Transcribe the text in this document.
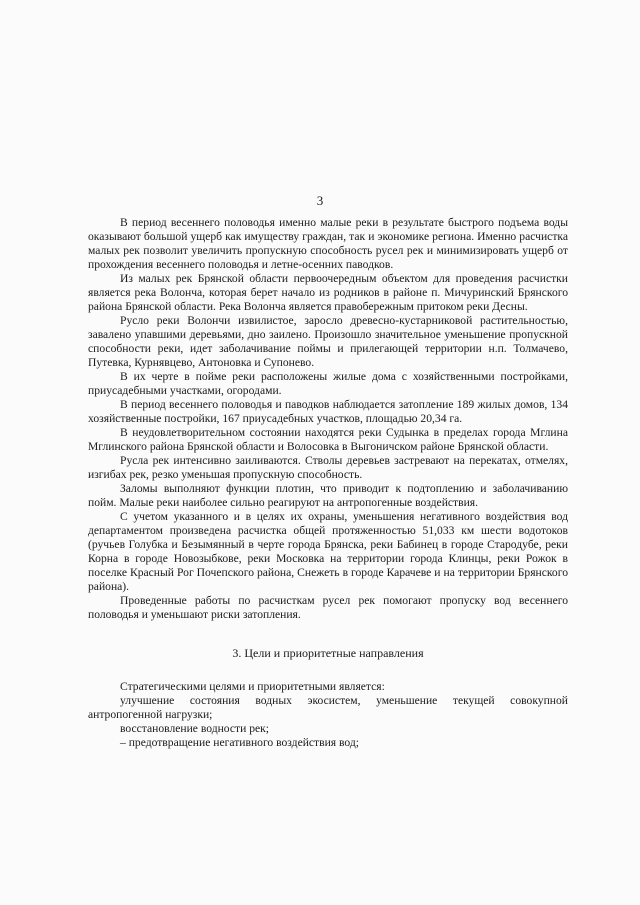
3

В период весеннего половодья именно малые реки в результате быстрого подъема воды оказывают большой ущерб как имуществу граждан, так и экономике региона. Именно расчистка малых рек позволит увеличить пропускную способность русел рек и минимизировать ущерб от прохождения весеннего половодья и летне-осенних паводков.

Из малых рек Брянской области первоочередным объектом для проведения расчистки является река Волонча, которая берет начало из родников в районе п. Мичуринский Брянского района Брянской области. Река Волонча является правобережным притоком реки Десны.

Русло реки Волончи извилистое, заросло древесно-кустарниковой растительностью, завалено упавшими деревьями, дно заилено. Произошло значительное уменьшение пропускной способности реки, идет заболачивание поймы и прилегающей территории н.п. Толмачево, Путевка, Курнявцево, Антоновка и Супонево.

В их черте в пойме реки расположены жилые дома с хозяйственными постройками, приусадебными участками, огородами.

В период весеннего половодья и паводков наблюдается затопление 189 жилых домов, 134 хозяйственные постройки, 167 приусадебных участков, площадью 20,34 га.

В неудовлетворительном состоянии находятся реки Судынка в пределах города Мглина Мглинского района Брянской области и Волосовка в Выгоничском районе Брянской области.

Русла рек интенсивно заиливаются. Стволы деревьев застревают на перекатах, отмелях, изгибах рек, резко уменьшая пропускную способность.

Заломы выполняют функции плотин, что приводит к подтоплению и заболачиванию пойм. Малые реки наиболее сильно реагируют на антропогенные воздействия.

С учетом указанного и в целях их охраны, уменьшения негативного воздействия вод департаментом произведена расчистка общей протяженностью 51,033 км шести водотоков (ручьев Голубка и Безымянный в черте города Брянска, реки Бабинец в городе Стародубе, реки Корна в городе Новозыбкове, реки Московка на территории города Клинцы, реки Рожок в поселке Красный Рог Почепского района, Снежеть в городе Карачеве и на территории Брянского района).

Проведенные работы по расчисткам русел рек помогают пропуску вод весеннего половодья и уменьшают риски затопления.

3. Цели и приоритетные направления

Стратегическими целями и приоритетными является:

улучшение состояния водных экосистем, уменьшение текущей совокупной антропогенной нагрузки;

восстановление водности рек;

– предотвращение негативного воздействия вод;
